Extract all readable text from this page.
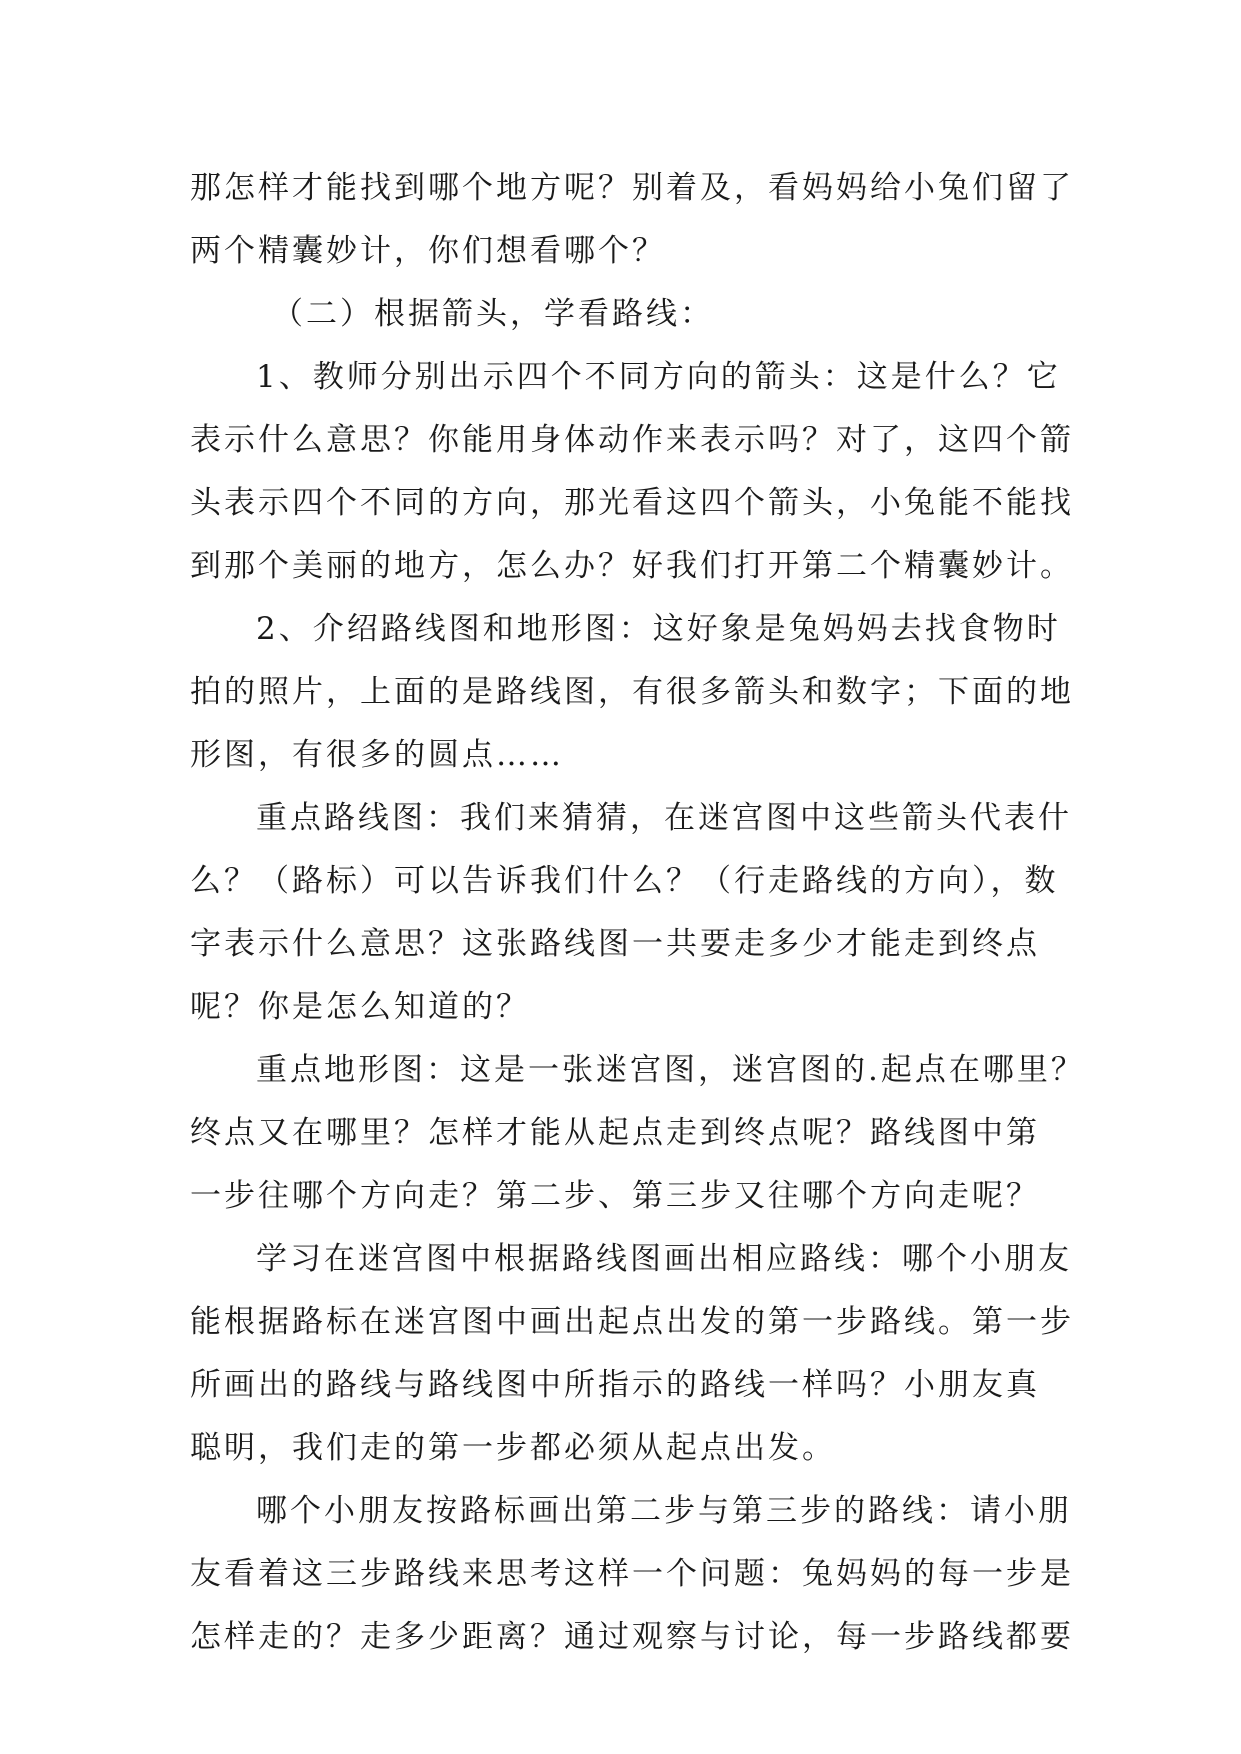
那怎样才能找到哪个地方呢？别着及，看妈妈给小兔们留了
两个精囊妙计，你们想看哪个？
（二）根据箭头，学看路线：
1、教师分别出示四个不同方向的箭头：这是什么？它
表示什么意思？你能用身体动作来表示吗？对了，这四个箭
头表示四个不同的方向，那光看这四个箭头，小兔能不能找
到那个美丽的地方，怎么办？好我们打开第二个精囊妙计。
2、介绍路线图和地形图：这好象是兔妈妈去找食物时
拍的照片，上面的是路线图，有很多箭头和数字；下面的地
形图，有很多的圆点……
重点路线图：我们来猜猜，在迷宫图中这些箭头代表什
么？（路标）可以告诉我们什么？（行走路线的方向），数
字表示什么意思？这张路线图一共要走多少才能走到终点
呢？你是怎么知道的？
重点地形图：这是一张迷宫图，迷宫图的.起点在哪里？
终点又在哪里？怎样才能从起点走到终点呢？路线图中第
一步往哪个方向走？第二步、第三步又往哪个方向走呢？
学习在迷宫图中根据路线图画出相应路线：哪个小朋友
能根据路标在迷宫图中画出起点出发的第一步路线。第一步
所画出的路线与路线图中所指示的路线一样吗？小朋友真
聪明，我们走的第一步都必须从起点出发。
哪个小朋友按路标画出第二步与第三步的路线：请小朋
友看着这三步路线来思考这样一个问题：兔妈妈的每一步是
怎样走的？走多少距离？通过观察与讨论，每一步路线都要
